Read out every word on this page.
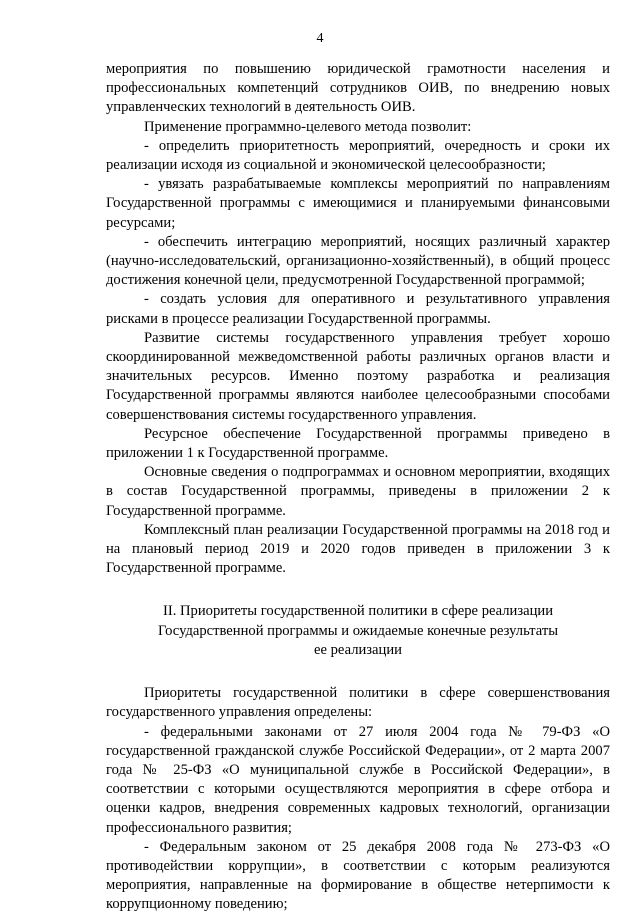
4

мероприятия по повышению юридической грамотности населения и профессиональных компетенций сотрудников ОИВ, по внедрению новых управленческих технологий в деятельность ОИВ.

Применение программно-целевого метода позволит:

- определить приоритетность мероприятий, очередность и сроки их реализации исходя из социальной и экономической целесообразности;

- увязать разрабатываемые комплексы мероприятий по направлениям Государственной программы с имеющимися и планируемыми финансовыми ресурсами;

- обеспечить интеграцию мероприятий, носящих различный характер (научно-исследовательский, организационно-хозяйственный), в общий процесс достижения конечной цели, предусмотренной Государственной программой;

- создать условия для оперативного и результативного управления рисками в процессе реализации Государственной программы.

Развитие системы государственного управления требует хорошо скоординированной межведомственной работы различных органов власти и значительных ресурсов. Именно поэтому разработка и реализация Государственной программы являются наиболее целесообразными способами совершенствования системы государственного управления.

Ресурсное обеспечение Государственной программы приведено в приложении 1 к Государственной программе.

Основные сведения о подпрограммах и основном мероприятии, входящих в состав Государственной программы, приведены в приложении 2 к Государственной программе.

Комплексный план реализации Государственной программы на 2018 год и на плановый период 2019 и 2020 годов приведен в приложении 3 к Государственной программе.

II. Приоритеты государственной политики в сфере реализации
Государственной программы и ожидаемые конечные результаты
ее реализации

Приоритеты государственной политики в сфере совершенствования государственного управления определены:

- федеральными законами от 27 июля 2004 года № 79-ФЗ «О государственной гражданской службе Российской Федерации», от 2 марта 2007 года № 25-ФЗ «О муниципальной службе в Российской Федерации», в соответствии с которыми осуществляются мероприятия в сфере отбора и оценки кадров, внедрения современных кадровых технологий, организации профессионального развития;

- Федеральным законом от 25 декабря 2008 года № 273-ФЗ «О противодействии коррупции», в соответствии с которым реализуются мероприятия, направленные на формирование в обществе нетерпимости к коррупционному поведению;
